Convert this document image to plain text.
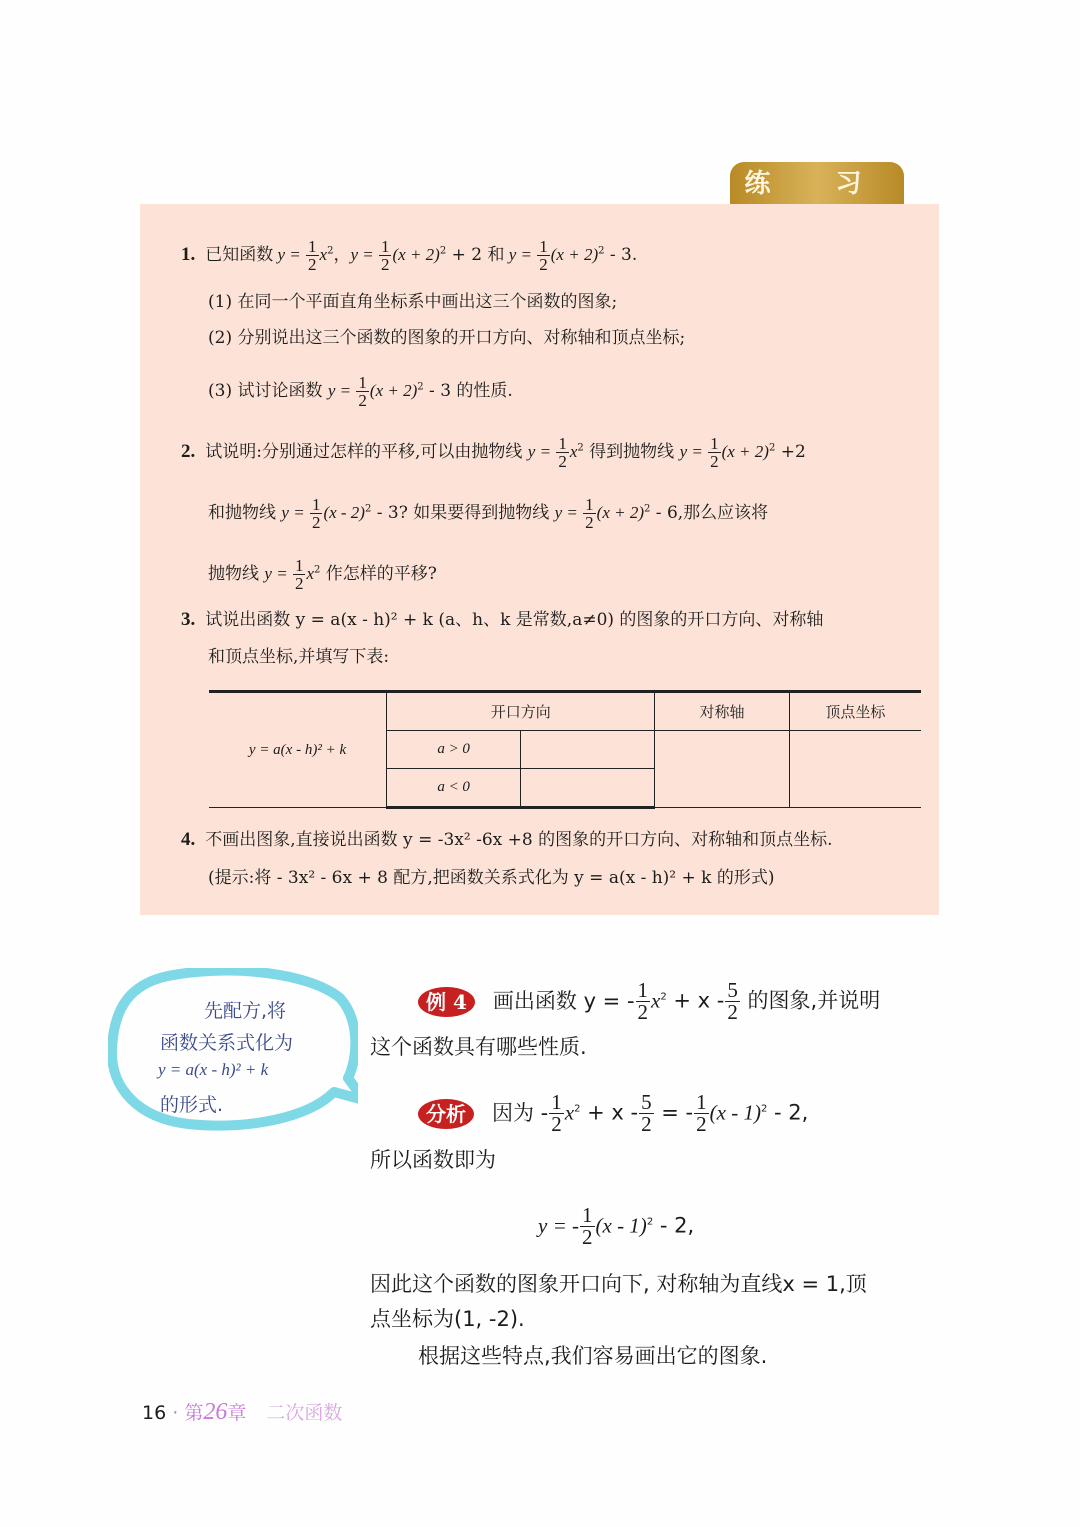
练 习
1. 已知函数 $y = \frac{1}{2} x^2$，$y = \frac{1}{2} (x + 2)^2 + 2$ 和 $y = \frac{1}{2} (x + 2)^2 - 3$.
(1) 在同一个平面直角坐标系中画出这三个函数的图象;
(2) 分别说出这三个函数的图象的开口方向、对称轴和顶点坐标;
(3) 试讨论函数 $y = \frac{1}{2} (x + 2)^2 - 3$ 的性质.
2. 试说明:分别通过怎样的平移,可以由抛物线 $y = \frac{1}{2} x^2$ 得到抛物线 $y = \frac{1}{2} (x + 2)^2 +2$
和抛物线 $y = \frac{1}{2} (x - 2)^2 - 3$? 如果要得到抛物线 $y = \frac{1}{2} (x + 2)^2 - 6$,那么应该将
抛物线 $y = \frac{1}{2} x^2$ 作怎样的平移?
3. 试说出函数 y = a(x - h)² + k (a、h、k 是常数,a≠0) 的图象的开口方向、对称轴
和顶点坐标,并填写下表:
y = a(x - h)² + k	开口方向		对称轴	顶点坐标
	a > 0			
	a < 0			
4. 不画出图象,直接说出函数 y = -3x² -6x +8 的图象的开口方向、对称轴和顶点坐标.
(提示:将 - 3x² - 6x + 8 配方,把函数关系式化为 y = a(x - h)² + k 的形式)
先配方,将
函数关系式化为
y = a(x - h)² + k
的形式.
例 4 画出函数 y = - $\frac{1}{2} x^2 + x - \frac{5}{2}$ 的图象,并说明
这个函数具有哪些性质.
分析 因为 - $\frac{1}{2} x^2 + x - \frac{5}{2}$ = - $\frac{1}{2} (x - 1)^2 - 2$,
所以函数即为
y = - $\frac{1}{2} (x - 1)^2 - 2$,
因此这个函数的图象开口向下, 对称轴为直线x = 1,顶
点坐标为(1, -2).
根据这些特点,我们容易画出它的图象.
16 · 第26章 二次函数
